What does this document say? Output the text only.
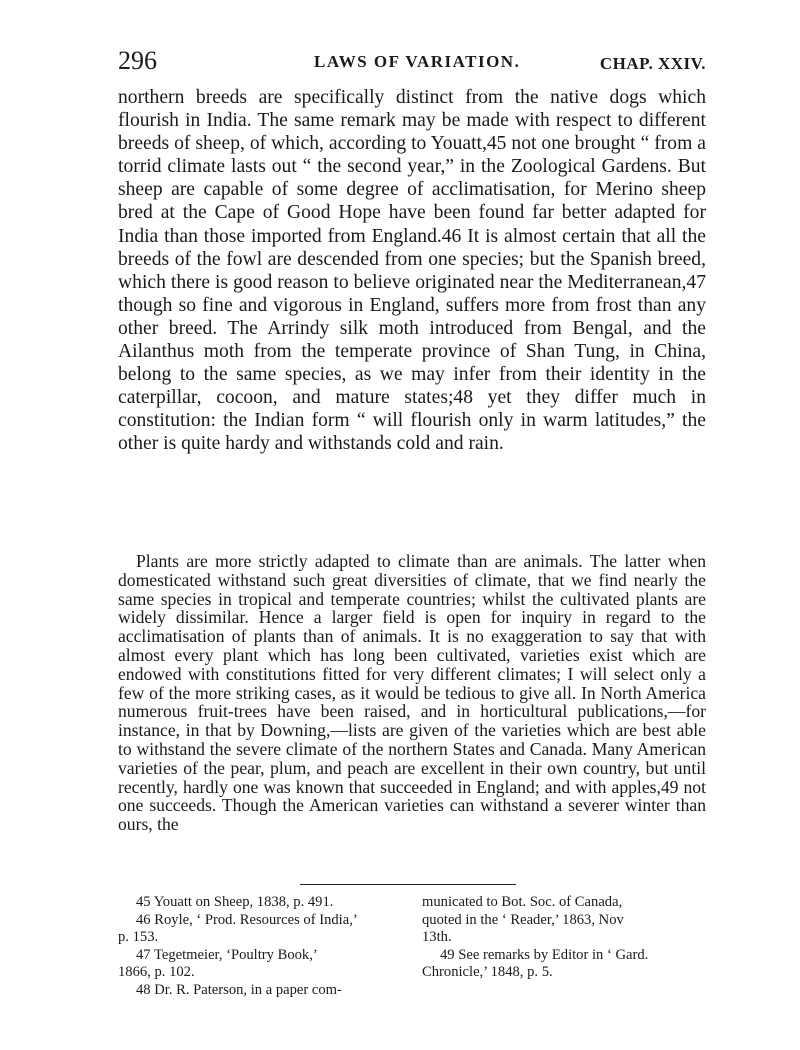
296	LAWS OF VARIATION.	CHAP. XXIV.

northern breeds are specifically distinct from the native dogs which flourish in India. The same remark may be made with respect to different breeds of sheep, of which, according to Youatt,45 not one brought “ from a torrid climate lasts out “ the second year,” in the Zoological Gardens. But sheep are capable of some degree of acclimatisation, for Merino sheep bred at the Cape of Good Hope have been found far better adapted for India than those imported from England.46 It is almost certain that all the breeds of the fowl are descended from one species; but the Spanish breed, which there is good reason to believe originated near the Mediterranean,47 though so fine and vigorous in England, suffers more from frost than any other breed. The Arrindy silk moth introduced from Bengal, and the Ailanthus moth from the temperate province of Shan Tung, in China, belong to the same species, as we may infer from their identity in the caterpillar, cocoon, and mature states;48 yet they differ much in constitution: the Indian form “ will flourish only in warm latitudes,” the other is quite hardy and withstands cold and rain.

Plants are more strictly adapted to climate than are animals. The latter when domesticated withstand such great diversities of climate, that we find nearly the same species in tropical and temperate countries; whilst the cultivated plants are widely dissimilar. Hence a larger field is open for inquiry in regard to the acclimatisation of plants than of animals. It is no exaggeration to say that with almost every plant which has long been cultivated, varieties exist which are endowed with constitutions fitted for very different climates; I will select only a few of the more striking cases, as it would be tedious to give all. In North America numerous fruit-trees have been raised, and in horticultural publications,—for instance, in that by Downing,—lists are given of the varieties which are best able to withstand the severe climate of the northern States and Canada. Many American varieties of the pear, plum, and peach are excellent in their own country, but until recently, hardly one was known that succeeded in England; and with apples,49 not one succeeds. Though the American varieties can withstand a severer winter than ours, the

45 Youatt on Sheep, 1838, p. 491.

46 Royle, ‘ Prod. Resources of India,’

p. 153.

47 Tegetmeier, ‘Poultry Book,’

1866, p. 102.

48 Dr. R. Paterson, in a paper com-

municated to Bot. Soc. of Canada,

quoted in the ‘ Reader,’ 1863, Nov

13th.

49 See remarks by Editor in ‘ Gard.

Chronicle,’ 1848, p. 5.
